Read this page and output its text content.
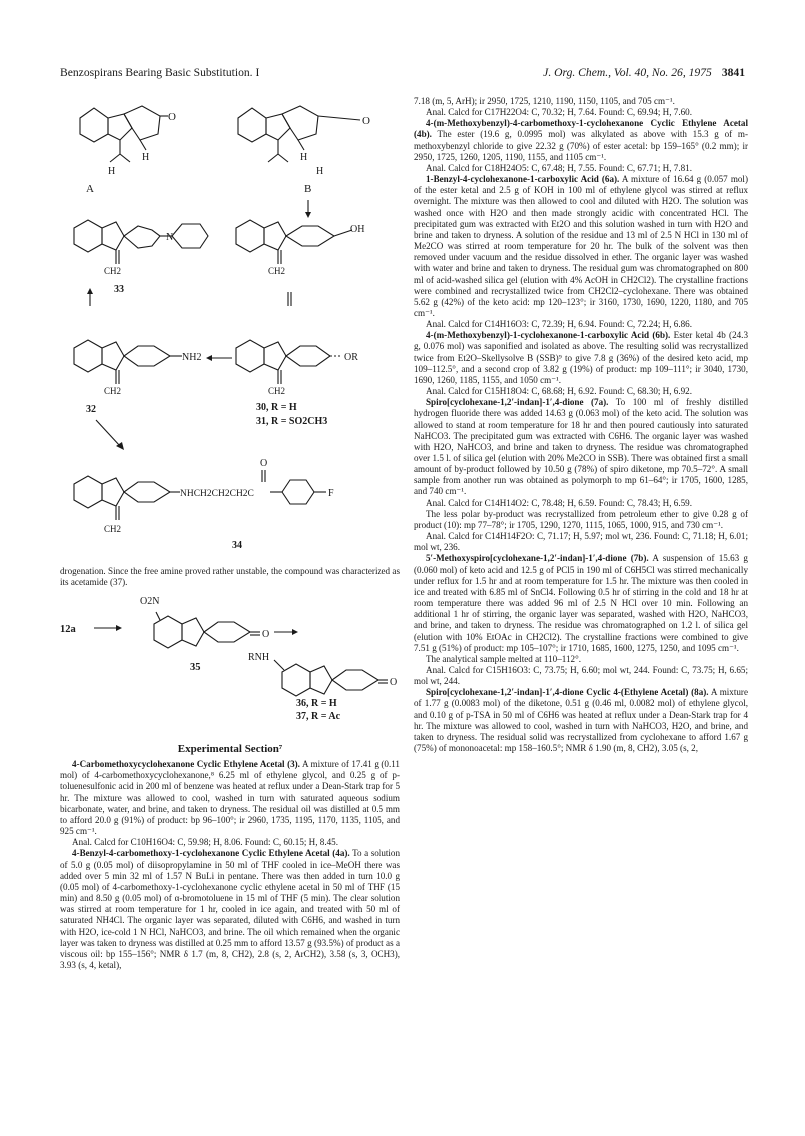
Benzospirans Bearing Basic Substitution. I	J. Org. Chem., Vol. 40, No. 26, 1975 3841
O
H
H
A
O
H
H
B
N
CH2
33
OH
CH2
NH2
CH2
32
OR
CH2
30, R = H
31, R = SO2CH3
NHCH2CH2CH2C
O
F
CH2
34

drogenation. Since the free amine proved rather unstable, the compound was characterized as its acetamide (37).

12a
O2N
O
35
RNH
O
36, R = H
37, R = Ac
Experimental Section⁷

4-Carbomethoxycyclohexanone Cyclic Ethylene Acetal (3). A mixture of 17.41 g (0.11 mol) of 4-carbomethoxycyclohexanone,⁸ 6.25 ml of ethylene glycol, and 0.25 g of p-toluenesulfonic acid in 200 ml of benzene was heated at reflux under a Dean-Stark trap for 5 hr. The mixture was allowed to cool, washed in turn with saturated aqueous sodium bicarbonate, water, and brine, and taken to dryness. The residual oil was distilled at 0.5 mm to afford 20.0 g (91%) of product: bp 96–100°; ir 2960, 1735, 1195, 1170, 1135, 1105, and 925 cm⁻¹.

Anal. Calcd for C10H16O4: C, 59.98; H, 8.06. Found: C, 60.15; H, 8.45.

4-Benzyl-4-carbomethoxy-1-cyclohexanone Cyclic Ethylene Acetal (4a). To a solution of 5.0 g (0.05 mol) of diisopropylamine in 50 ml of THF cooled in ice–MeOH there was added over 5 min 32 ml of 1.57 N BuLi in pentane. There was then added in turn 10.0 g (0.05 mol) of 4-carbomethoxy-1-cyclohexanone cyclic ethylene acetal in 50 ml of THF (15 min) and 8.50 g (0.05 mol) of α-bromotoluene in 15 ml of THF (5 min). The clear solution was stirred at room temperature for 1 hr, cooled in ice again, and treated with 50 ml of saturated NH4Cl. The organic layer was separated, diluted with C6H6, and washed in turn with H2O, ice-cold 1 N HCl, NaHCO3, and brine. The oil which remained when the organic layer was taken to dryness was distilled at 0.25 mm to afford 13.57 g (93.5%) of product as a viscous oil: bp 155–156°; NMR δ 1.7 (m, 8, CH2), 2.8 (s, 2, ArCH2), 3.58 (s, 3, OCH3), 3.93 (s, 4, ketal),

7.18 (m, 5, ArH); ir 2950, 1725, 1210, 1190, 1150, 1105, and 705 cm⁻¹.

Anal. Calcd for C17H22O4: C, 70.32; H, 7.64. Found: C, 69.94; H, 7.60.

4-(m-Methoxybenzyl)-4-carbomethoxy-1-cyclohexanone Cyclic Ethylene Acetal (4b). The ester (19.6 g, 0.0995 mol) was alkylated as above with 15.3 g of m-methoxybenzyl chloride to give 22.32 g (70%) of ester acetal: bp 159–165° (0.2 mm); ir 2950, 1725, 1260, 1205, 1190, 1155, and 1105 cm⁻¹.

Anal. Calcd for C18H24O5: C, 67.48; H, 7.55. Found: C, 67.71; H, 7.81.

1-Benzyl-4-cyclohexanone-1-carboxylic Acid (6a). A mixture of 16.64 g (0.057 mol) of the ester ketal and 2.5 g of KOH in 100 ml of ethylene glycol was stirred at reflux overnight. The mixture was then allowed to cool and diluted with H2O. The solution was washed once with H2O and then made strongly acidic with concentrated HCl. The precipitated gum was extracted with Et2O and this solution washed in turn with H2O and brine and taken to dryness. A solution of the residue and 13 ml of 2.5 N HCl in 130 ml of Me2CO was stirred at room temperature for 20 hr. The bulk of the solvent was then removed under vacuum and the residue dissolved in ether. The organic layer was washed with water and brine and taken to dryness. The residual gum was chromatographed on 800 ml of acid-washed silica gel (elution with 4% AcOH in CH2Cl2). The crystalline fractions were combined and recrystallized twice from CH2Cl2–cyclohexane. There was obtained 5.62 g (42%) of the keto acid: mp 120–123°; ir 3160, 1730, 1690, 1220, 1180, and 705 cm⁻¹.

Anal. Calcd for C14H16O3: C, 72.39; H, 6.94. Found: C, 72.24; H, 6.86.

4-(m-Methoxybenzyl)-1-cyclohexanone-1-carboxylic Acid (6b). Ester ketal 4b (24.3 g, 0.076 mol) was saponified and isolated as above. The resulting solid was recrystallized twice from Et2O–Skellysolve B (SSB)⁹ to give 7.8 g (36%) of the desired keto acid, mp 109–112.5°, and a second crop of 3.82 g (19%) of product: mp 109–111°; ir 3040, 1730, 1690, 1260, 1185, 1155, and 1050 cm⁻¹.

Anal. Calcd for C15H18O4: C, 68.68; H, 6.92. Found: C, 68.30; H, 6.92.

Spiro[cyclohexane-1,2′-indan]-1′,4-dione (7a). To 100 ml of freshly distilled hydrogen fluoride there was added 14.63 g (0.063 mol) of the keto acid. The solution was allowed to stand at room temperature for 18 hr and then poured cautiously into saturated NaHCO3. The precipitated gum was extracted with C6H6. The organic layer was washed with H2O, NaHCO3, and brine and taken to dryness. The residue was chromatographed over 1.5 l. of silica gel (elution with 20% Me2CO in SSB). There was obtained first a small amount of by-product followed by 10.50 g (78%) of spiro diketone, mp 70.5–72°. A small sample from another run was obtained as polymorph to mp 61–64°; ir 1705, 1600, 1285, and 740 cm⁻¹.

Anal. Calcd for C14H14O2: C, 78.48; H, 6.59. Found: C, 78.43; H, 6.59.

The less polar by-product was recrystallized from petroleum ether to give 0.28 g of product (10): mp 77–78°; ir 1705, 1290, 1270, 1115, 1065, 1000, 915, and 730 cm⁻¹.

Anal. Calcd for C14H14F2O: C, 71.17; H, 5.97; mol wt, 236. Found: C, 71.18; H, 6.01; mol wt, 236.

5′-Methoxyspiro[cyclohexane-1,2′-indan]-1′,4-dione (7b). A suspension of 15.63 g (0.060 mol) of keto acid and 12.5 g of PCl5 in 190 ml of C6H5Cl was stirred mechanically under reflux for 1.5 hr and at room temperature for 1.5 hr. The mixture was then cooled in ice and treated with 6.85 ml of SnCl4. Following 0.5 hr of stirring in the cold and 18 hr at room temperature there was added 96 ml of 2.5 N HCl over 10 min. Following an additional 1 hr of stirring, the organic layer was separated, washed with H2O, NaHCO3, and brine, and taken to dryness. The residue was chromatographed on 1.2 l. of silica gel (elution with 10% EtOAc in CH2Cl2). The crystalline fractions were combined to give 7.51 g (51%) of product: mp 105–107°; ir 1710, 1685, 1600, 1275, 1250, and 1095 cm⁻¹.

The analytical sample melted at 110–112°.

Anal. Calcd for C15H16O3: C, 73.75; H, 6.60; mol wt, 244. Found: C, 73.75; H, 6.65; mol wt, 244.

Spiro[cyclohexane-1,2′-indan]-1′,4-dione Cyclic 4-(Ethylene Acetal) (8a). A mixture of 1.77 g (0.0083 mol) of the diketone, 0.51 g (0.46 ml, 0.0082 mol) of ethylene glycol, and 0.10 g of p-TSA in 50 ml of C6H6 was heated at reflux under a Dean-Stark trap for 4 hr. The mixture was allowed to cool, washed in turn with NaHCO3, H2O, and brine, and taken to dryness. The residual solid was recrystallized from cyclohexane to afford 1.67 g (75%) of mononoacetal: mp 158–160.5°; NMR δ 1.90 (m, 8, CH2), 3.05 (s, 2,
